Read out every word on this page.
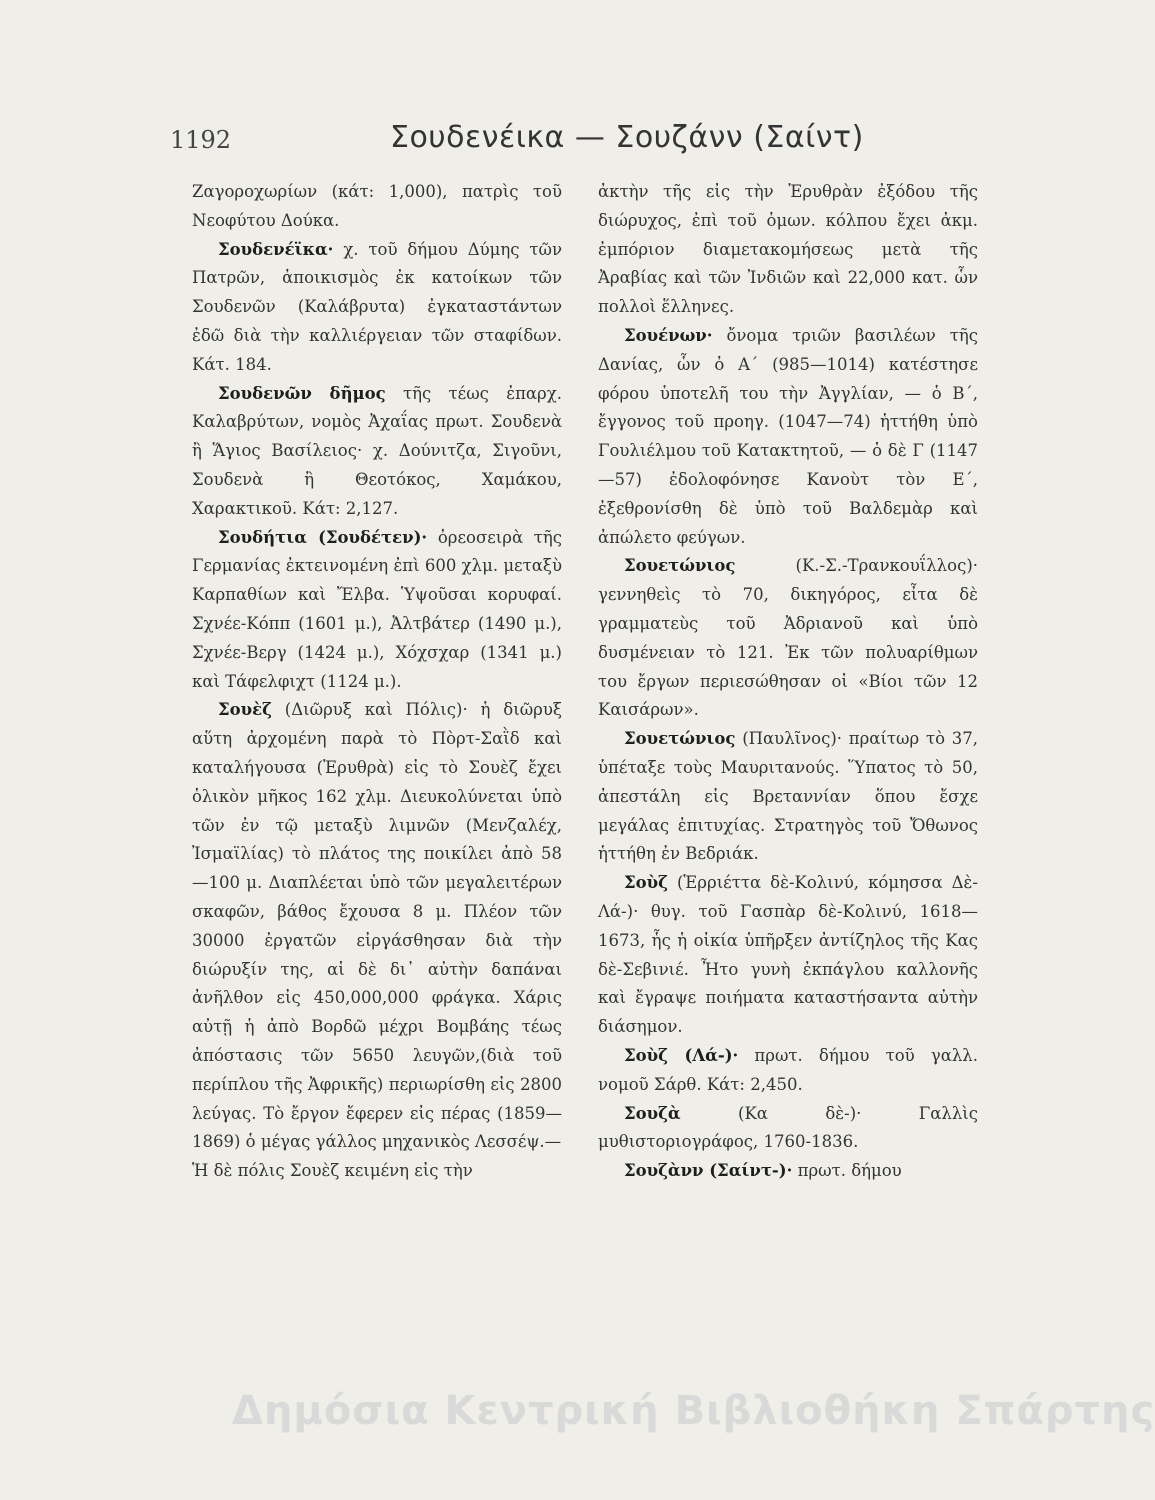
1192	Σουδενέικα — Σουζάνν (Σαίντ)

Ζαγοροχωρίων (κάτ: 1,000), πατρὶς τοῦ Νεοφύτου Δούκα.

Σουδενέϊκα· χ. τοῦ δήμου Δύμης τῶν Πατρῶν, ἀποικισμὸς ἐκ κατοίκων τῶν Σουδενῶν (Καλάβρυτα) ἐγκαταστάντων ἐδῶ διὰ τὴν καλλιέργειαν τῶν σταφίδων. Κάτ. 184.

Σουδενῶν δῆμος τῆς τέως ἐπαρχ. Καλαβρύτων, νομὸς Ἀχαΐας πρωτ. Σουδενὰ ἢ Ἅγιος Βασίλειος· χ. Δούνιτζα, Σιγοῦνι, Σουδενὰ ἢ Θεοτόκος, Χαμάκου, Χαρακτικοῦ. Κάτ: 2,127.

Σουδήτια (Σουδέτεν)· ὀρεοσειρὰ τῆς Γερμανίας ἐκτεινομένη ἐπὶ 600 χλμ. μεταξὺ Καρπαθίων καὶ Ἔλβα. Ὑψοῦσαι κορυφαί. Σχνέε-Κόππ (1601 μ.), Ἀλτβάτερ (1490 μ.), Σχνέε-Βεργ (1424 μ.), Χόχσχαρ (1341 μ.) καὶ Τάφελφιχτ (1124 μ.).

Σουὲζ (Διῶρυξ καὶ Πόλις)· ἡ διῶρυξ αὕτη ἀρχομένη παρὰ τὸ Πὸρτ-Σαῒδ καὶ καταλήγουσα (Ἐρυθρὰ) εἰς τὸ Σουὲζ ἔχει ὁλικὸν μῆκος 162 χλμ. Διευκολύνεται ὑπὸ τῶν ἐν τῷ μεταξὺ λιμνῶν (Μενζαλέχ, Ἰσμαϊλίας) τὸ πλάτος της ποικίλει ἀπὸ 58—100 μ. Διαπλέεται ὑπὸ τῶν μεγαλειτέρων σκαφῶν, βάθος ἔχουσα 8 μ. Πλέον τῶν 30000 ἐργατῶν εἰργάσθησαν διὰ τὴν διώρυξίν της, αἱ δὲ δι᾽ αὐτὴν δαπάναι ἀνῆλθον εἰς 450,000,000 φράγκα. Χάρις αὐτῇ ἡ ἀπὸ Βορδῶ μέχρι Βομβάης τέως ἀπόστασις τῶν 5650 λευγῶν,(διὰ τοῦ περίπλου τῆς Ἀφρικῆς) περιωρίσθη εἰς 2800 λεύγας. Τὸ ἔργον ἔφερεν εἰς πέρας (1859—1869) ὁ μέγας γάλλος μηχανικὸς Λεσσέψ.—

Ἡ δὲ πόλις Σουὲζ κειμένη εἰς τὴν

ἀκτὴν τῆς εἰς τὴν Ἐρυθρὰν ἐξόδου τῆς διώρυχος, ἐπὶ τοῦ ὁμων. κόλπου ἔχει ἀκμ. ἐμπόριον διαμετακομήσεως μετὰ τῆς Ἀραβίας καὶ τῶν Ἰνδιῶν καὶ 22,000 κατ. ὧν πολλοὶ ἕλληνες.

Σουένων· ὄνομα τριῶν βασιλέων τῆς Δανίας, ὧν ὁ Α΄ (985—1014) κατέστησε φόρου ὑποτελῆ του τὴν Ἀγγλίαν, — ὁ Β΄, ἔγγονος τοῦ προηγ. (1047—74) ἡττήθη ὑπὸ Γουλιέλμου τοῦ Κατακτητοῦ, — ὁ δὲ Γ (1147—57) ἐδολοφόνησε Κανοὺτ τὸν Ε΄, ἐξεθρονίσθη δὲ ὑπὸ τοῦ Βαλδεμὰρ καὶ ἀπώλετο φεύγων.

Σουετώνιος	(Κ.-Σ.-Τρανκουΐλλος)· γεννηθεὶς τὸ 70, δικηγόρος, εἶτα δὲ γραμματεὺς τοῦ Ἀδριανοῦ καὶ ὑπὸ δυσμένειαν τὸ 121. Ἐκ τῶν πολυαρίθμων του ἔργων περιεσώθησαν οἱ «Βίοι τῶν 12 Καισάρων».

Σουετώνιος (Παυλῖνος)· πραίτωρ τὸ 37, ὑπέταξε τοὺς Μαυριτανούς. Ὕπατος τὸ 50, ἀπεστάλη εἰς Βρεταννίαν ὅπου ἔσχε μεγάλας ἐπιτυχίας. Στρατηγὸς τοῦ Ὄθωνος ἡττήθη ἐν Βεδριάκ.

Σοὺζ (Ἑρριέττα δὲ-Κολινύ, κόμησσα Δὲ-Λά-)· θυγ. τοῦ Γασπὰρ δὲ-Κολινύ, 1618—1673, ἧς ἡ οἰκία ὑπῆρξεν ἀντίζηλος τῆς Κας δὲ-Σεβινιέ. Ἦτο γυνὴ ἐκπάγλου καλλονῆς καὶ ἔγραψε ποιήματα καταστήσαντα αὐτὴν διάσημον.

Σοὺζ (Λά-)· πρωτ. δήμου τοῦ γαλλ. νομοῦ Σάρθ. Κάτ: 2,450.

Σουζὰ	(Κα δὲ-)· Γαλλὶς μυθιστοριογράφος, 1760-1836.

Σουζὰνν (Σαίντ-)· πρωτ. δήμου

Δημόσια Κεντρική Βιβλιοθήκη Σπάρτης
